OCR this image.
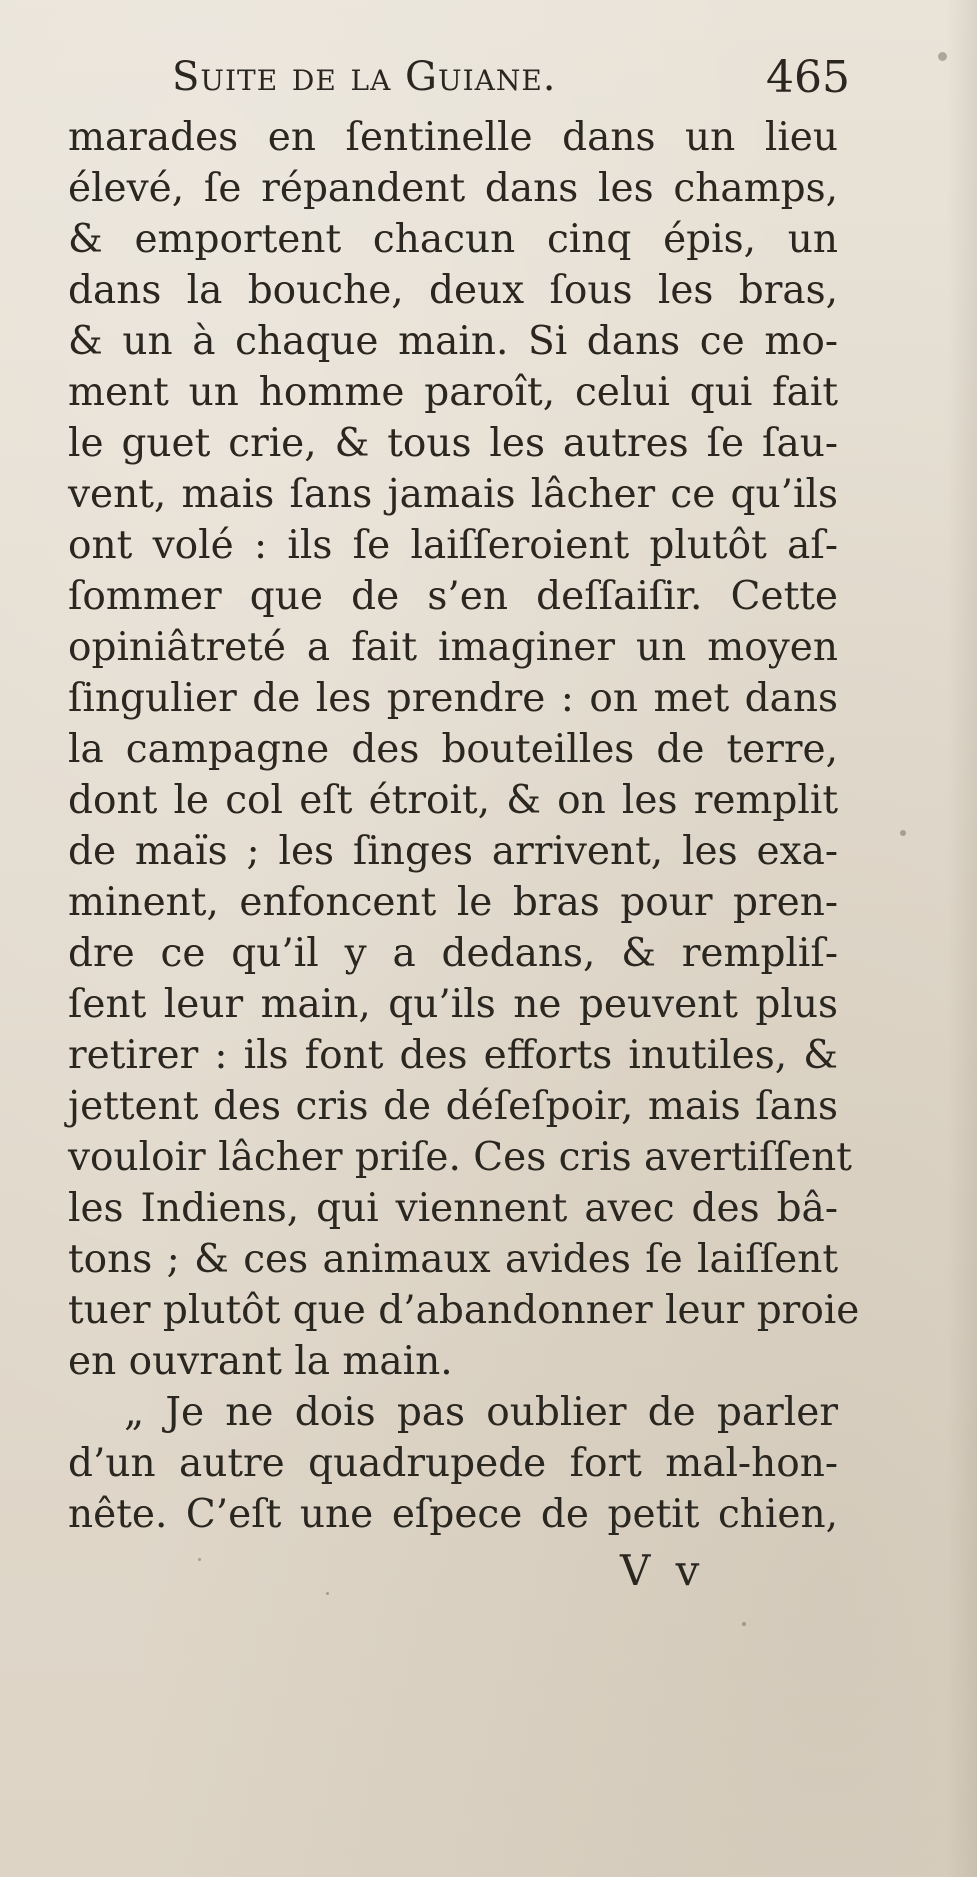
Suite de la Guiane.	465
marades en ſentinelle dans un lieu
élevé, ſe répandent dans les champs,
& emportent chacun cinq épis, un
dans la bouche, deux ſous les bras,
& un à chaque main. Si dans ce mo-
ment un homme paroît, celui qui fait
le guet crie, & tous les autres ſe ſau-
vent, mais ſans jamais lâcher ce qu’ils
ont volé : ils ſe laiſſeroient plutôt aſ-
ſommer que de s’en deſſaiſir. Cette
opiniâtreté a fait imaginer un moyen
ſingulier de les prendre : on met dans
la campagne des bouteilles de terre,
dont le col eſt étroit, & on les remplit
de maïs ; les ſinges arrivent, les exa-
minent, enfoncent le bras pour pren-
dre ce qu’il y a dedans, & rempliſ-
ſent leur main, qu’ils ne peuvent plus
retirer : ils font des efforts inutiles, &
jettent des cris de déſeſpoir, mais ſans
vouloir lâcher priſe. Ces cris avertiſſent
les Indiens, qui viennent avec des bâ-
tons ; & ces animaux avides ſe laiſſent
tuer plutôt que d’abandonner leur proie
en ouvrant la main.
„ Je ne dois pas oublier de parler
d’un autre quadrupede fort mal-hon-
nête. C’eſt une eſpece de petit chien,
V v
